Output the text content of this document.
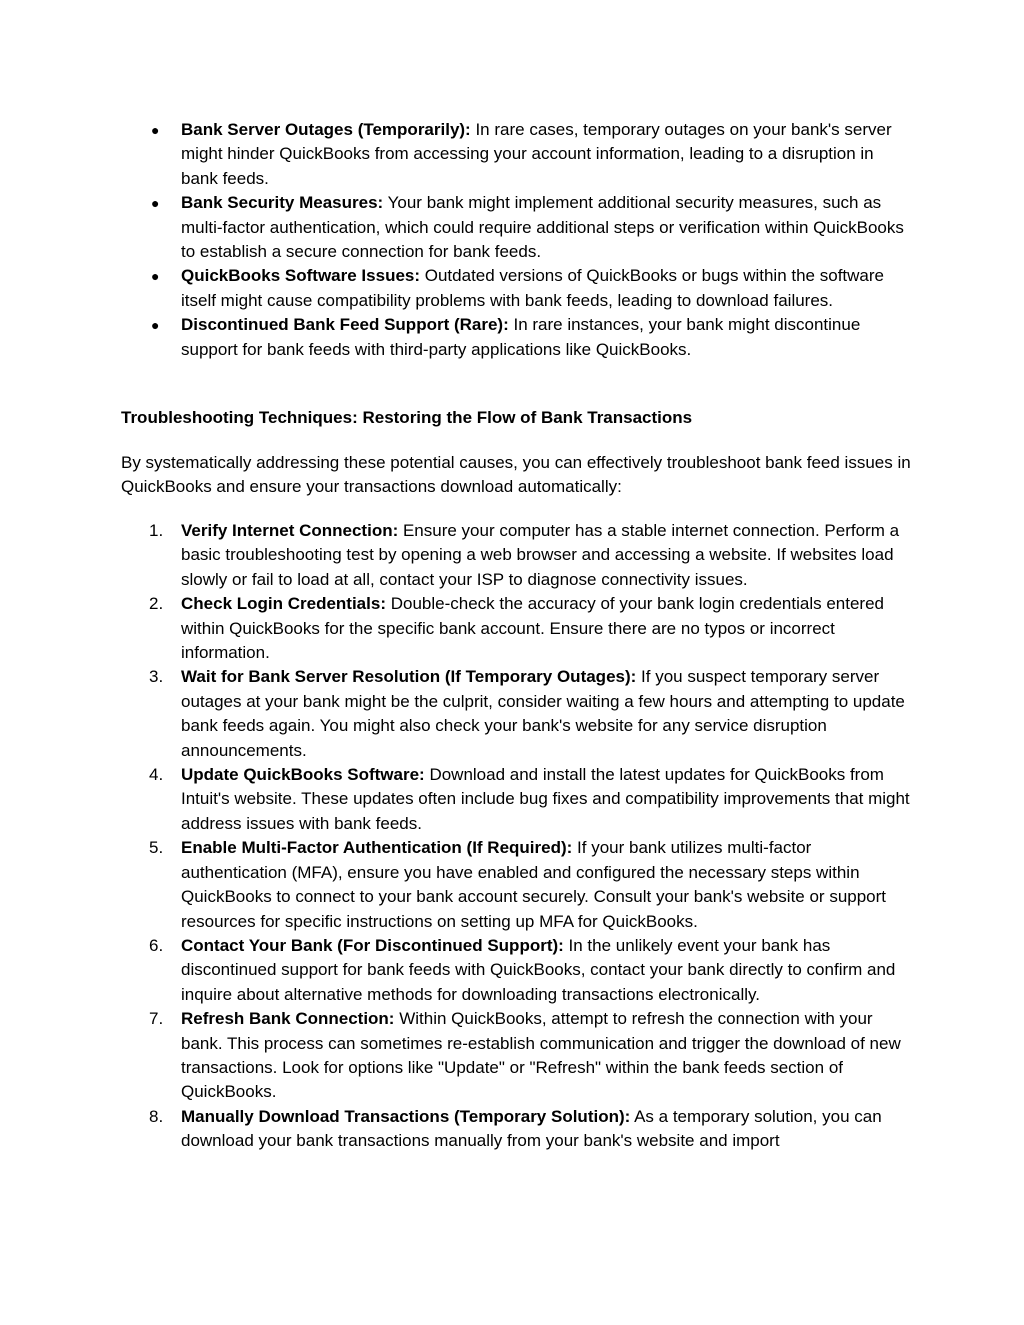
● Bank Server Outages (Temporarily): In rare cases, temporary outages on your bank's server might hinder QuickBooks from accessing your account information, leading to a disruption in bank feeds.
● Bank Security Measures: Your bank might implement additional security measures, such as multi-factor authentication, which could require additional steps or verification within QuickBooks to establish a secure connection for bank feeds.
● QuickBooks Software Issues: Outdated versions of QuickBooks or bugs within the software itself might cause compatibility problems with bank feeds, leading to download failures.
● Discontinued Bank Feed Support (Rare): In rare instances, your bank might discontinue support for bank feeds with third-party applications like QuickBooks.
Troubleshooting Techniques: Restoring the Flow of Bank Transactions

By systematically addressing these potential causes, you can effectively troubleshoot bank feed issues in QuickBooks and ensure your transactions download automatically:

1. Verify Internet Connection: Ensure your computer has a stable internet connection. Perform a basic troubleshooting test by opening a web browser and accessing a website. If websites load slowly or fail to load at all, contact your ISP to diagnose connectivity issues.
2. Check Login Credentials: Double-check the accuracy of your bank login credentials entered within QuickBooks for the specific bank account. Ensure there are no typos or incorrect information.
3. Wait for Bank Server Resolution (If Temporary Outages): If you suspect temporary server outages at your bank might be the culprit, consider waiting a few hours and attempting to update bank feeds again. You might also check your bank's website for any service disruption announcements.
4. Update QuickBooks Software: Download and install the latest updates for QuickBooks from Intuit's website. These updates often include bug fixes and compatibility improvements that might address issues with bank feeds.
5. Enable Multi-Factor Authentication (If Required): If your bank utilizes multi-factor authentication (MFA), ensure you have enabled and configured the necessary steps within QuickBooks to connect to your bank account securely. Consult your bank's website or support resources for specific instructions on setting up MFA for QuickBooks.
6. Contact Your Bank (For Discontinued Support): In the unlikely event your bank has discontinued support for bank feeds with QuickBooks, contact your bank directly to confirm and inquire about alternative methods for downloading transactions electronically.
7. Refresh Bank Connection: Within QuickBooks, attempt to refresh the connection with your bank. This process can sometimes re-establish communication and trigger the download of new transactions. Look for options like "Update" or "Refresh" within the bank feeds section of QuickBooks.
8. Manually Download Transactions (Temporary Solution): As a temporary solution, you can download your bank transactions manually from your bank's website and import
